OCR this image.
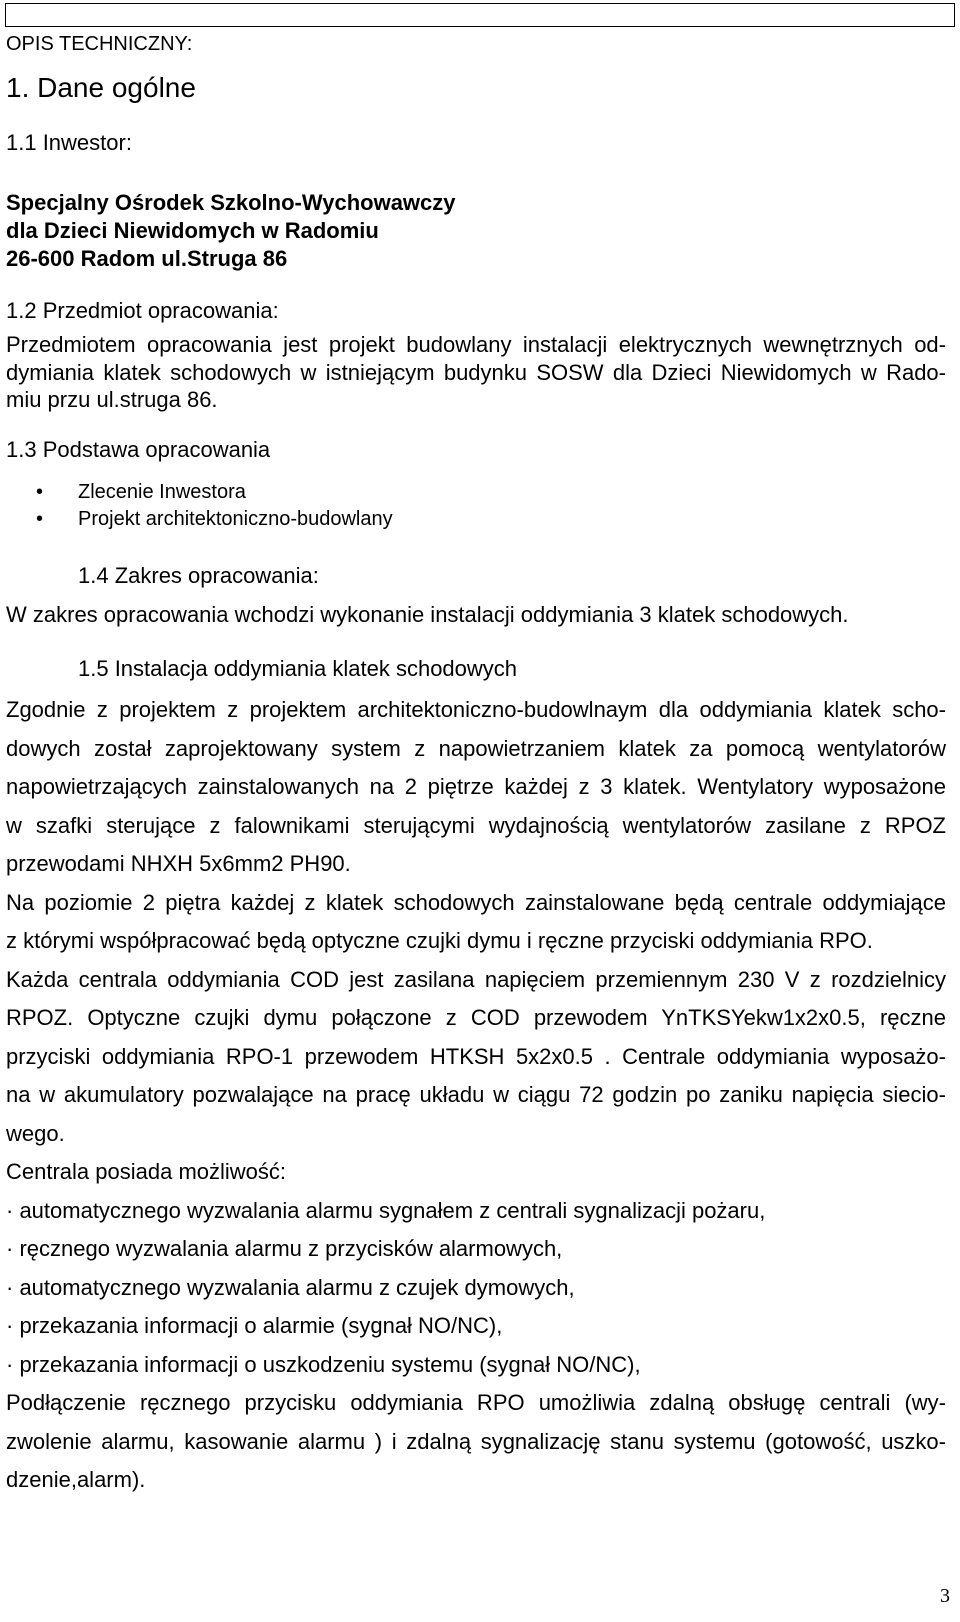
OPIS TECHNICZNY:
1. Dane ogólne
1.1 Inwestor:
Specjalny Ośrodek Szkolno-Wychowawczy
dla Dzieci Niewidomych w Radomiu
26-600 Radom ul.Struga 86
1.2 Przedmiot opracowania:
Przedmiotem opracowania jest projekt budowlany instalacji elektrycznych wewnętrznych od-
dymiania klatek schodowych w istniejącym budynku SOSW dla Dzieci Niewidomych w Rado-
miu przu ul.struga 86.
1.3 Podstawa opracowania
• Zlecenie Inwestora
• Projekt architektoniczno-budowlany
1.4 Zakres opracowania:
W zakres opracowania wchodzi wykonanie instalacji oddymiania 3 klatek schodowych.
1.5 Instalacja oddymiania klatek schodowych
Zgodnie z projektem z projektem architektoniczno-budowlnaym dla oddymiania klatek scho-
dowych został zaprojektowany system z napowietrzaniem klatek za pomocą wentylatorów
napowietrzających zainstalowanych na 2 piętrze każdej z 3 klatek. Wentylatory wyposażone
w szafki sterujące z falownikami sterującymi wydajnością wentylatorów zasilane z RPOZ
przewodami NHXH 5x6mm2 PH90.
Na poziomie 2 piętra każdej z klatek schodowych zainstalowane będą centrale oddymiające
z którymi współpracować będą optyczne czujki dymu i ręczne przyciski oddymiania RPO.
Każda centrala oddymiania COD jest zasilana napięciem przemiennym 230 V z rozdzielnicy
RPOZ. Optyczne czujki dymu połączone z COD przewodem YnTKSYekw1x2x0.5, ręczne
przyciski oddymiania RPO-1 przewodem HTKSH 5x2x0.5 . Centrale oddymiania wyposażo-
na w akumulatory pozwalające na pracę układu w ciągu 72 godzin po zaniku napięcia siecio-
wego.
Centrala posiada możliwość:
· automatycznego wyzwalania alarmu sygnałem z centrali sygnalizacji pożaru,
· ręcznego wyzwalania alarmu z przycisków alarmowych,
· automatycznego wyzwalania alarmu z czujek dymowych,
· przekazania informacji o alarmie (sygnał NO/NC),
· przekazania informacji o uszkodzeniu systemu (sygnał NO/NC),
Podłączenie ręcznego przycisku oddymiania RPO umożliwia zdalną obsługę centrali (wy-
zwolenie alarmu, kasowanie alarmu ) i zdalną sygnalizację stanu systemu (gotowość, uszko-
dzenie,alarm).
3
